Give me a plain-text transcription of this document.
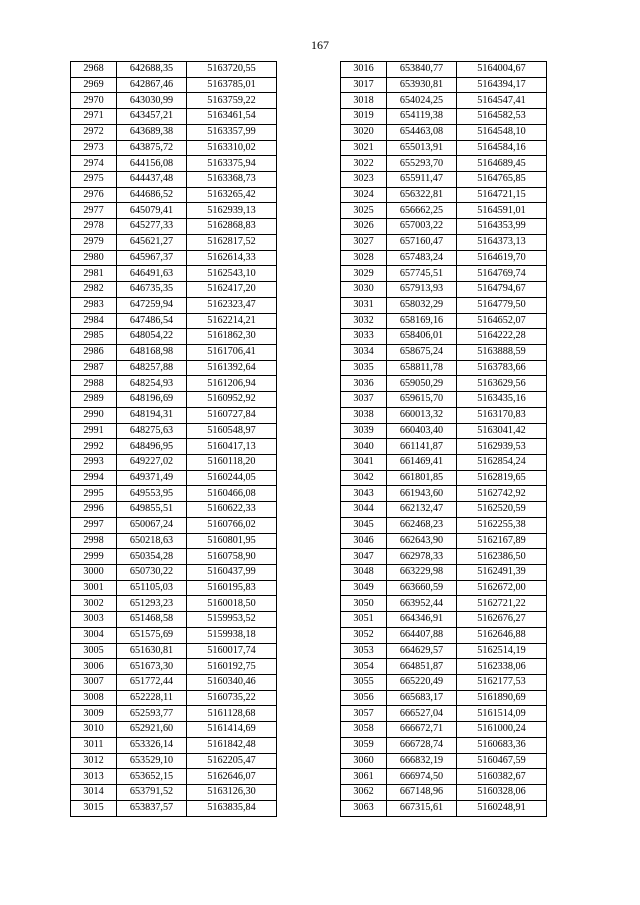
167
2968	642688,35	5163720,55
2969	642867,46	5163785,01
2970	643030,99	5163759,22
2971	643457,21	5163461,54
2972	643689,38	5163357,99
2973	643875,72	5163310,02
2974	644156,08	5163375,94
2975	644437,48	5163368,73
2976	644686,52	5163265,42
2977	645079,41	5162939,13
2978	645277,33	5162868,83
2979	645621,27	5162817,52
2980	645967,37	5162614,33
2981	646491,63	5162543,10
2982	646735,35	5162417,20
2983	647259,94	5162323,47
2984	647486,54	5162214,21
2985	648054,22	5161862,30
2986	648168,98	5161706,41
2987	648257,88	5161392,64
2988	648254,93	5161206,94
2989	648196,69	5160952,92
2990	648194,31	5160727,84
2991	648275,63	5160548,97
2992	648496,95	5160417,13
2993	649227,02	5160118,20
2994	649371,49	5160244,05
2995	649553,95	5160466,08
2996	649855,51	5160622,33
2997	650067,24	5160766,02
2998	650218,63	5160801,95
2999	650354,28	5160758,90
3000	650730,22	5160437,99
3001	651105,03	5160195,83
3002	651293,23	5160018,50
3003	651468,58	5159953,52
3004	651575,69	5159938,18
3005	651630,81	5160017,74
3006	651673,30	5160192,75
3007	651772,44	5160340,46
3008	652228,11	5160735,22
3009	652593,77	5161128,68
3010	652921,60	5161414,69
3011	653326,14	5161842,48
3012	653529,10	5162205,47
3013	653652,15	5162646,07
3014	653791,52	5163126,30
3015	653837,57	5163835,84
3016	653840,77	5164004,67
3017	653930,81	5164394,17
3018	654024,25	5164547,41
3019	654119,38	5164582,53
3020	654463,08	5164548,10
3021	655013,91	5164584,16
3022	655293,70	5164689,45
3023	655911,47	5164765,85
3024	656322,81	5164721,15
3025	656662,25	5164591,01
3026	657003,22	5164353,99
3027	657160,47	5164373,13
3028	657483,24	5164619,70
3029	657745,51	5164769,74
3030	657913,93	5164794,67
3031	658032,29	5164779,50
3032	658169,16	5164652,07
3033	658406,01	5164222,28
3034	658675,24	5163888,59
3035	658811,78	5163783,66
3036	659050,29	5163629,56
3037	659615,70	5163435,16
3038	660013,32	5163170,83
3039	660403,40	5163041,42
3040	661141,87	5162939,53
3041	661469,41	5162854,24
3042	661801,85	5162819,65
3043	661943,60	5162742,92
3044	662132,47	5162520,59
3045	662468,23	5162255,38
3046	662643,90	5162167,89
3047	662978,33	5162386,50
3048	663229,98	5162491,39
3049	663660,59	5162672,00
3050	663952,44	5162721,22
3051	664346,91	5162676,27
3052	664407,88	5162646,88
3053	664629,57	5162514,19
3054	664851,87	5162338,06
3055	665220,49	5162177,53
3056	665683,17	5161890,69
3057	666527,04	5161514,09
3058	666672,71	5161000,24
3059	666728,74	5160683,36
3060	666832,19	5160467,59
3061	666974,50	5160382,67
3062	667148,96	5160328,06
3063	667315,61	5160248,91
